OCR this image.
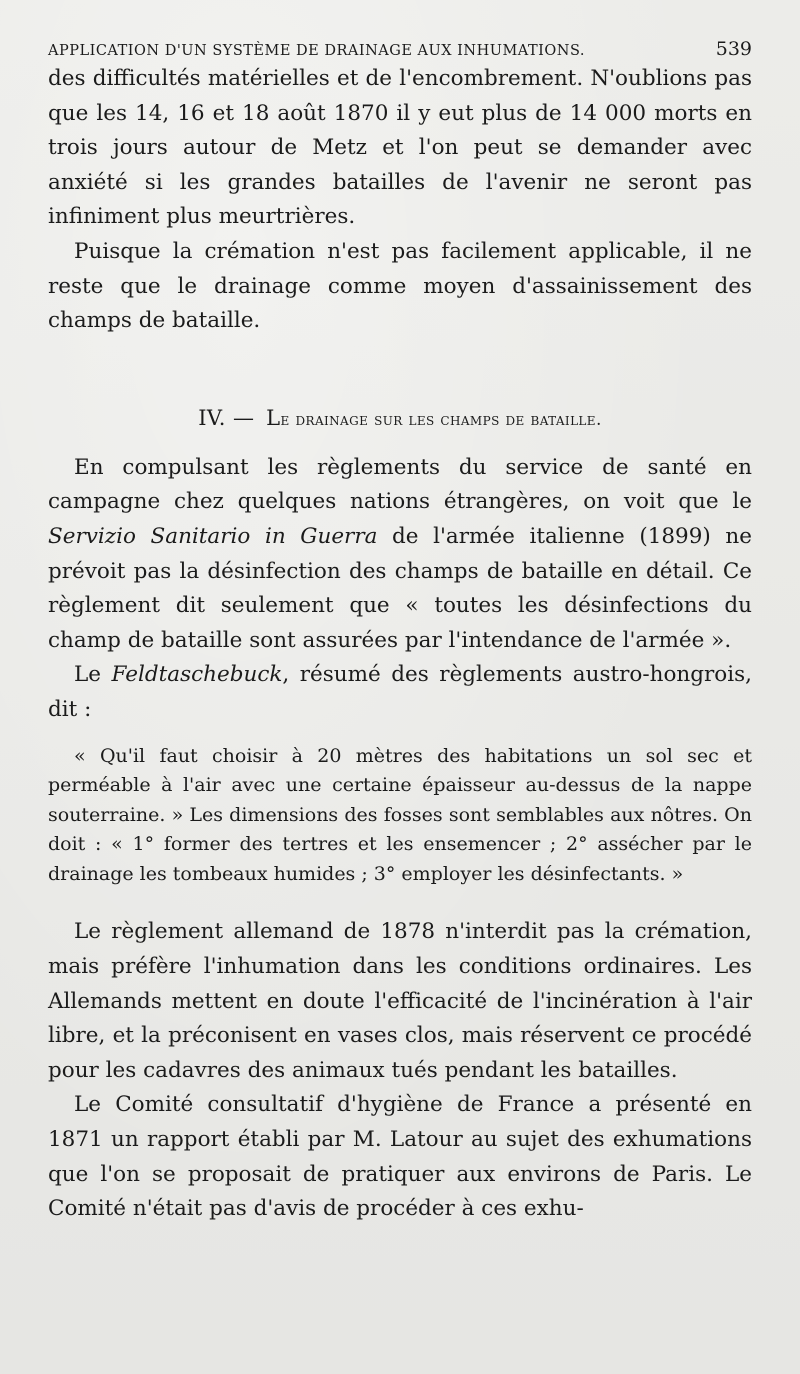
APPLICATION D'UN SYSTÈME DE DRAINAGE AUX INHUMATIONS.	539

des difficultés matérielles et de l'encombrement. N'oublions pas que les 14, 16 et 18 août 1870 il y eut plus de 14 000 morts en trois jours autour de Metz et l'on peut se demander avec anxiété si les grandes batailles de l'avenir ne seront pas infiniment plus meurtrières.

Puisque la crémation n'est pas facilement applicable, il ne reste que le drainage comme moyen d'assainissement des champs de bataille.

IV. — Le drainage sur les champs de bataille.

En compulsant les règlements du service de santé en campagne chez quelques nations étrangères, on voit que le Servizio Sanitario in Guerra de l'armée italienne (1899) ne prévoit pas la désinfection des champs de bataille en détail. Ce règlement dit seulement que « toutes les désinfections du champ de bataille sont assurées par l'intendance de l'armée ».

Le Feldtaschebuck, résumé des règlements austro-hongrois, dit :

« Qu'il faut choisir à 20 mètres des habitations un sol sec et perméable à l'air avec une certaine épaisseur au-dessus de la nappe souterraine. » Les dimensions des fosses sont semblables aux nôtres. On doit : « 1° former des tertres et les ensemencer ; 2° assécher par le drainage les tombeaux humides ; 3° employer les désinfectants. »

Le règlement allemand de 1878 n'interdit pas la crémation, mais préfère l'inhumation dans les conditions ordinaires. Les Allemands mettent en doute l'efficacité de l'incinération à l'air libre, et la préconisent en vases clos, mais réservent ce procédé pour les cadavres des animaux tués pendant les batailles.

Le Comité consultatif d'hygiène de France a présenté en 1871 un rapport établi par M. Latour au sujet des exhumations que l'on se proposait de pratiquer aux environs de Paris. Le Comité n'était pas d'avis de procéder à ces exhu-
